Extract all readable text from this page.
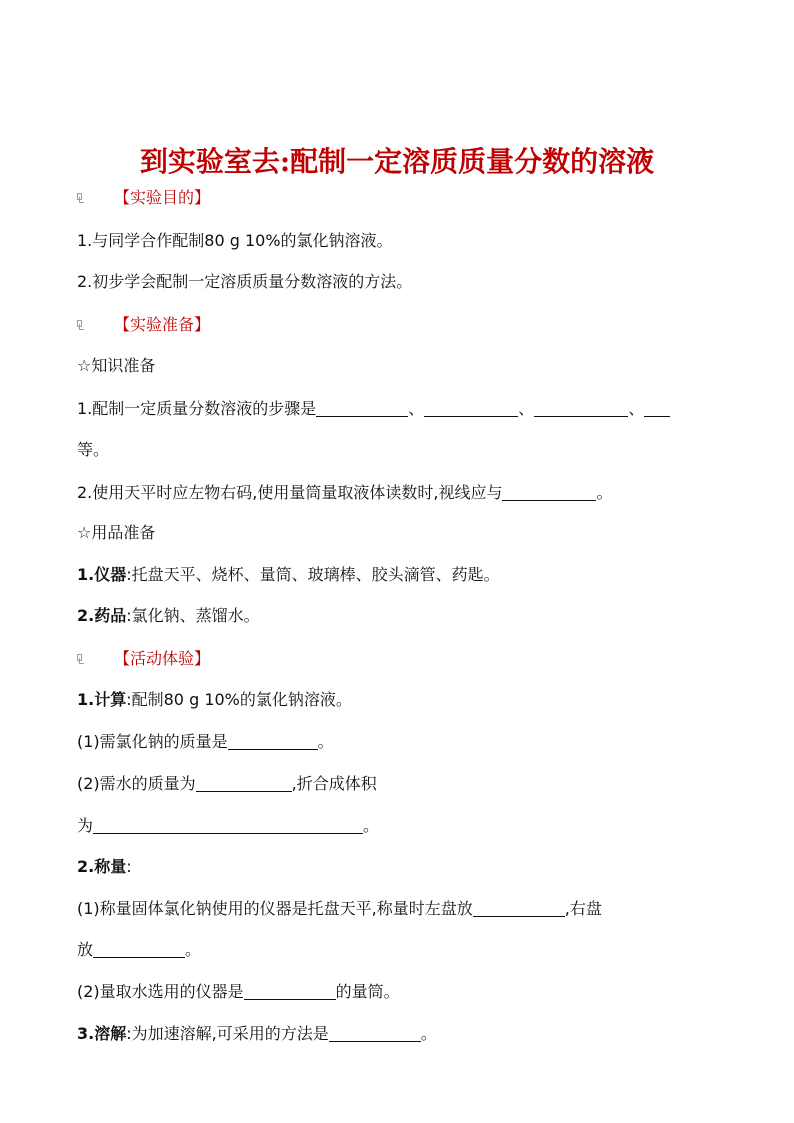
到实验室去:配制一定溶质质量分数的溶液
【实验目的】
1.与同学合作配制80 g 10%的氯化钠溶液。
2.初步学会配制一定溶质质量分数溶液的方法。
【实验准备】
☆知识准备
1.配制一定质量分数溶液的步骤是	、	、	、
等。
2.使用天平时应左物右码,使用量筒量取液体读数时,视线应与	。
☆用品准备
1.仪器:托盘天平、烧杯、量筒、玻璃棒、胶头滴管、药匙。
2.药品:氯化钠、蒸馏水。
【活动体验】
1.计算:配制80 g 10%的氯化钠溶液。
(1)需氯化钠的质量是	。
(2)需水的质量为	,折合成体积
为	。
2.称量:
(1)称量固体氯化钠使用的仪器是托盘天平,称量时左盘放	,右盘
放	。
(2)量取水选用的仪器是	的量筒。
3.溶解:为加速溶解,可采用的方法是	。
